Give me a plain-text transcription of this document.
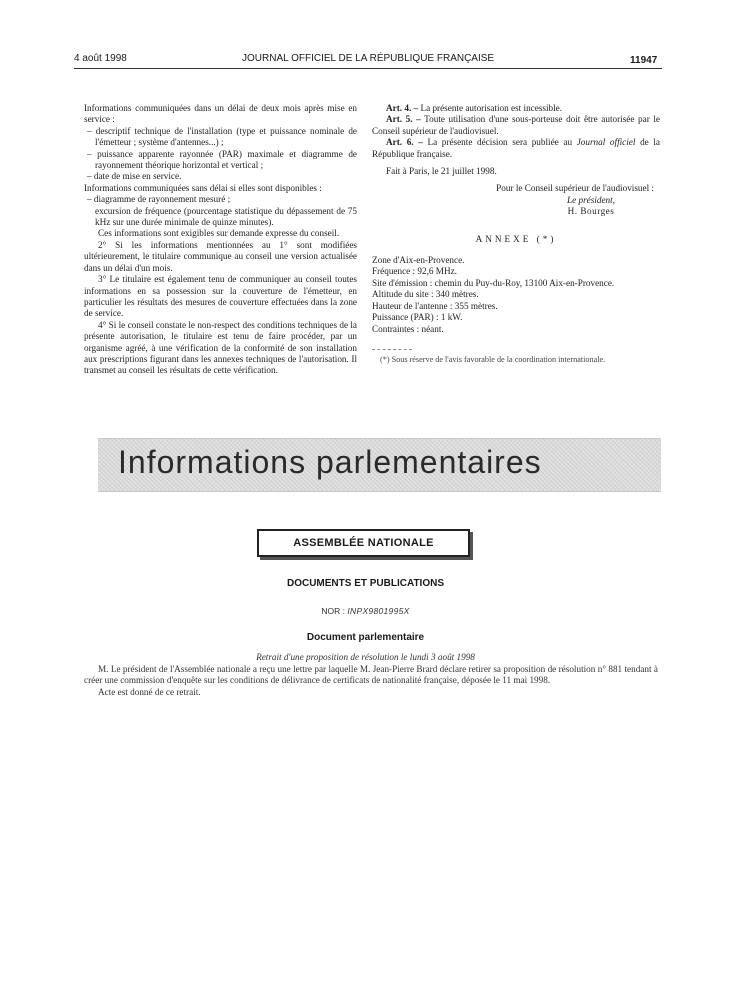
4 août 1998	JOURNAL OFFICIEL DE LA RÉPUBLIQUE FRANÇAISE	11947

Informations communiquées dans un délai de deux mois après mise en service :

– descriptif technique de l'installation (type et puissance nominale de l'émetteur ; système d'antennes...) ;

– puissance apparente rayonnée (PAR) maximale et diagramme de rayonnement théorique horizontal et vertical ;

– date de mise en service.

Informations communiquées sans délai si elles sont disponibles :

– diagramme de rayonnement mesuré ;

excursion de fréquence (pourcentage statistique du dépassement de 75 kHz sur une durée minimale de quinze minutes).

Ces informations sont exigibles sur demande expresse du conseil.

2° Si les informations mentionnées au 1° sont modifiées ultérieurement, le titulaire communique au conseil une version actualisée dans un délai d'un mois.

3° Le titulaire est également tenu de communiquer au conseil toutes informations en sa possession sur la couverture de l'émetteur, en particulier les résultats des mesures de couverture effectuées dans la zone de service.

4° Si le conseil constate le non-respect des conditions techniques de la présente autorisation, le titulaire est tenu de faire procéder, par un organisme agréé, à une vérification de la conformité de son installation aux prescriptions figurant dans les annexes techniques de l'autorisation. Il transmet au conseil les résultats de cette vérification.

Art. 4. – La présente autorisation est incessible.

Art. 5. – Toute utilisation d'une sous-porteuse doit être autorisée par le Conseil supérieur de l'audiovisuel.

Art. 6. – La présente décision sera publiée au Journal officiel de la République française.

Fait à Paris, le 21 juillet 1998.

Pour le Conseil supérieur de l'audiovisuel :

Le président,

H. Bourges

ANNEXE (*)

Zone d'Aix-en-Provence.

Fréquence : 92,6 MHz.

Site d'émission : chemin du Puy-du-Roy, 13100 Aix-en-Provence.

Altitude du site : 340 mètres.

Hauteur de l'antenne : 355 mètres.

Puissance (PAR) : 1 kW.

Contraintes : néant.

(*) Sous réserve de l'avis favorable de la coordination internationale.

Informations parlementaires
ASSEMBLÉE NATIONALE
DOCUMENTS ET PUBLICATIONS
NOR : INPX9801995X
Document parlementaire
Retrait d'une proposition de résolution le lundi 3 août 1998

M. Le président de l'Assemblée nationale a reçu une lettre par laquelle M. Jean-Pierre Brard déclare retirer sa proposition de résolution n° 881 tendant à créer une commission d'enquête sur les conditions de délivrance de certificats de nationalité française, déposée le 11 mai 1998.

Acte est donné de ce retrait.
